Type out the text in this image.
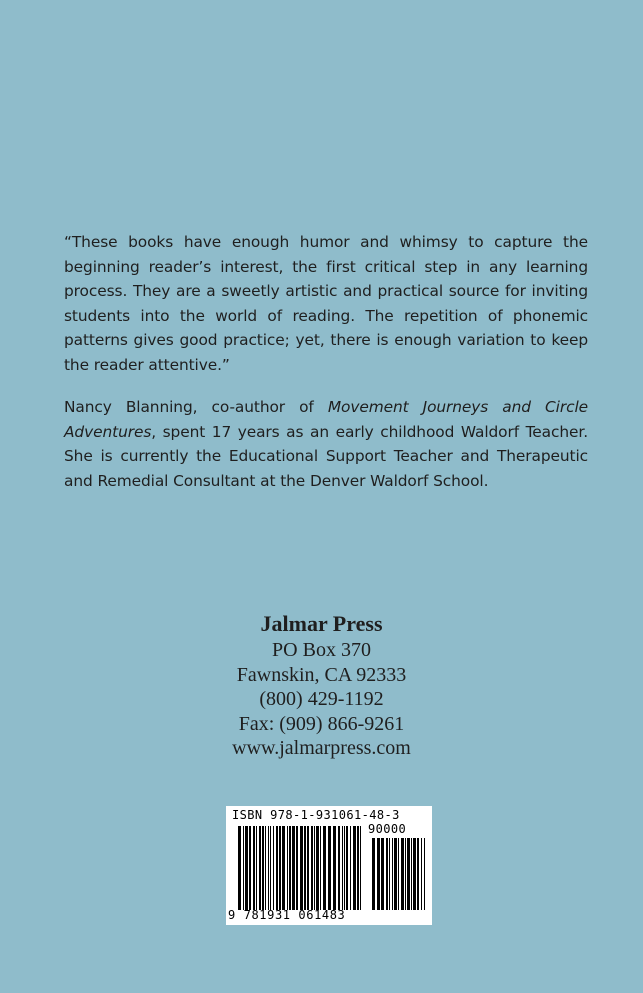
“These books have enough humor and whimsy to capture the beginning reader’s interest, the first critical step in any learning process. They are a sweetly artistic and practical source for inviting students into the world of reading. The repetition of phonemic patterns gives good practice; yet, there is enough variation to keep the reader attentive.”

Nancy Blanning, co-author of Movement Journeys and Circle Adventures, spent 17 years as an early childhood Waldorf Teacher. She is currently the Educational Support Teacher and Therapeutic and Remedial Consultant at the Denver Waldorf School.

Jalmar Press
PO Box 370
Fawnskin, CA 92333
(800) 429-1192
Fax: (909) 866-9261
www.jalmarpress.com
ISBN 978-1-931061-48-3
90000
9 781931 061483
